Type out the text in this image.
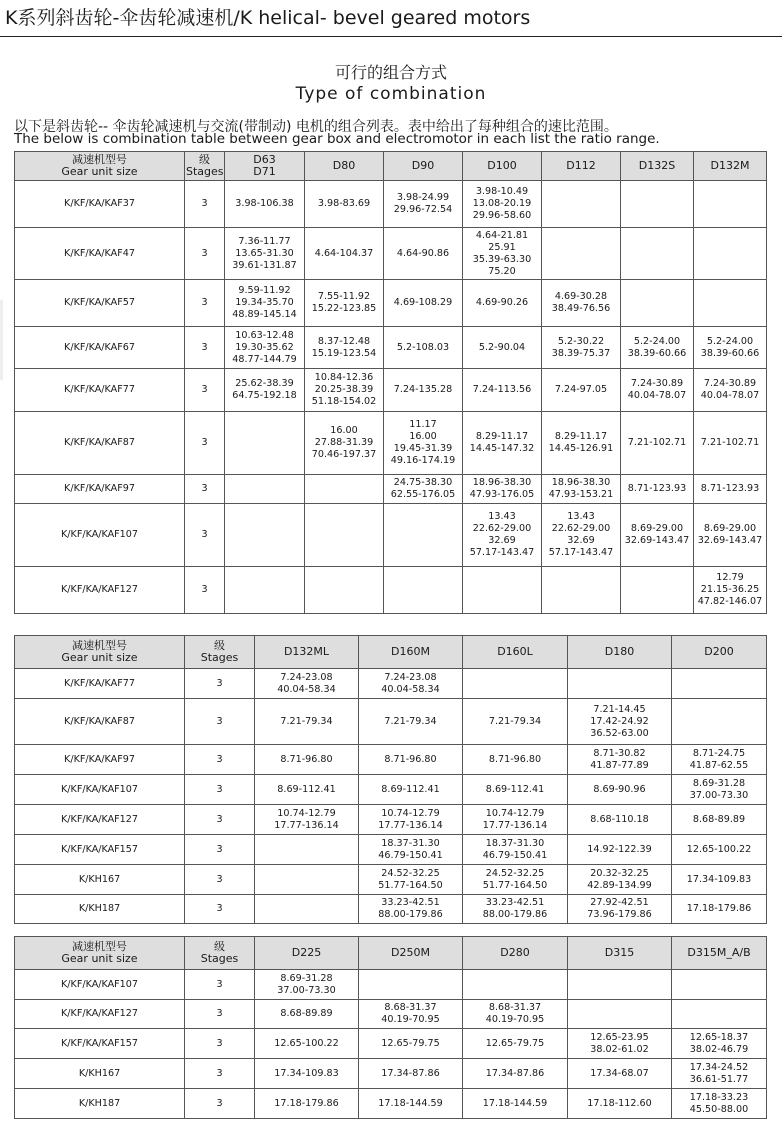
K系列斜齿轮-伞齿轮减速机/K helical- bevel geared motors
可行的组合方式
Type of combination
以下是斜齿轮-- 伞齿轮减速机与交流(带制动) 电机的组合列表。表中给出了每种组合的速比范围。
The below is combination table between gear box and electromotor in each list the ratio range.
减速机型号
Gear unit size	级
Stages	D63
D71	D80	D90	D100	D112	D132S	D132M
K/KF/KA/KAF37	3	3.98-106.38	3.98-83.69	3.98-24.99
29.96-72.54	3.98-10.49
13.08-20.19
29.96-58.60			
K/KF/KA/KAF47	3	7.36-11.77
13.65-31.30
39.61-131.87	4.64-104.37	4.64-90.86	4.64-21.81
25.91
35.39-63.30
75.20			
K/KF/KA/KAF57	3	9.59-11.92
19.34-35.70
48.89-145.14	7.55-11.92
15.22-123.85	4.69-108.29	4.69-90.26	4.69-30.28
38.49-76.56		
K/KF/KA/KAF67	3	10.63-12.48
19.30-35.62
48.77-144.79	8.37-12.48
15.19-123.54	5.2-108.03	5.2-90.04	5.2-30.22
38.39-75.37	5.2-24.00
38.39-60.66	5.2-24.00
38.39-60.66
K/KF/KA/KAF77	3	25.62-38.39
64.75-192.18	10.84-12.36
20.25-38.39
51.18-154.02	7.24-135.28	7.24-113.56	7.24-97.05	7.24-30.89
40.04-78.07	7.24-30.89
40.04-78.07
K/KF/KA/KAF87	3		16.00
27.88-31.39
70.46-197.37	11.17
16.00
19.45-31.39
49.16-174.19	8.29-11.17
14.45-147.32	8.29-11.17
14.45-126.91	7.21-102.71	7.21-102.71
K/KF/KA/KAF97	3			24.75-38.30
62.55-176.05	18.96-38.30
47.93-176.05	18.96-38.30
47.93-153.21	8.71-123.93	8.71-123.93
K/KF/KA/KAF107	3				13.43
22.62-29.00
32.69
57.17-143.47	13.43
22.62-29.00
32.69
57.17-143.47	8.69-29.00
32.69-143.47	8.69-29.00
32.69-143.47
K/KF/KA/KAF127	3							12.79
21.15-36.25
47.82-146.07
减速机型号
Gear unit size	级
Stages	D132ML	D160M	D160L	D180	D200
K/KF/KA/KAF77	3	7.24-23.08
40.04-58.34	7.24-23.08
40.04-58.34			
K/KF/KA/KAF87	3	7.21-79.34	7.21-79.34	7.21-79.34	7.21-14.45
17.42-24.92
36.52-63.00	
K/KF/KA/KAF97	3	8.71-96.80	8.71-96.80	8.71-96.80	8.71-30.82
41.87-77.89	8.71-24.75
41.87-62.55
K/KF/KA/KAF107	3	8.69-112.41	8.69-112.41	8.69-112.41	8.69-90.96	8.69-31.28
37.00-73.30
K/KF/KA/KAF127	3	10.74-12.79
17.77-136.14	10.74-12.79
17.77-136.14	10.74-12.79
17.77-136.14	8.68-110.18	8.68-89.89
K/KF/KA/KAF157	3		18.37-31.30
46.79-150.41	18.37-31.30
46.79-150.41	14.92-122.39	12.65-100.22
K/KH167	3		24.52-32.25
51.77-164.50	24.52-32.25
51.77-164.50	20.32-32.25
42.89-134.99	17.34-109.83
K/KH187	3		33.23-42.51
88.00-179.86	33.23-42.51
88.00-179.86	27.92-42.51
73.96-179.86	17.18-179.86
减速机型号
Gear unit size	级
Stages	D225	D250M	D280	D315	D315M_A/B
K/KF/KA/KAF107	3	8.69-31.28
37.00-73.30				
K/KF/KA/KAF127	3	8.68-89.89	8.68-31.37
40.19-70.95	8.68-31.37
40.19-70.95		
K/KF/KA/KAF157	3	12.65-100.22	12.65-79.75	12.65-79.75	12.65-23.95
38.02-61.02	12.65-18.37
38.02-46.79
K/KH167	3	17.34-109.83	17.34-87.86	17.34-87.86	17.34-68.07	17.34-24.52
36.61-51.77
K/KH187	3	17.18-179.86	17.18-144.59	17.18-144.59	17.18-112.60	17.18-33.23
45.50-88.00
